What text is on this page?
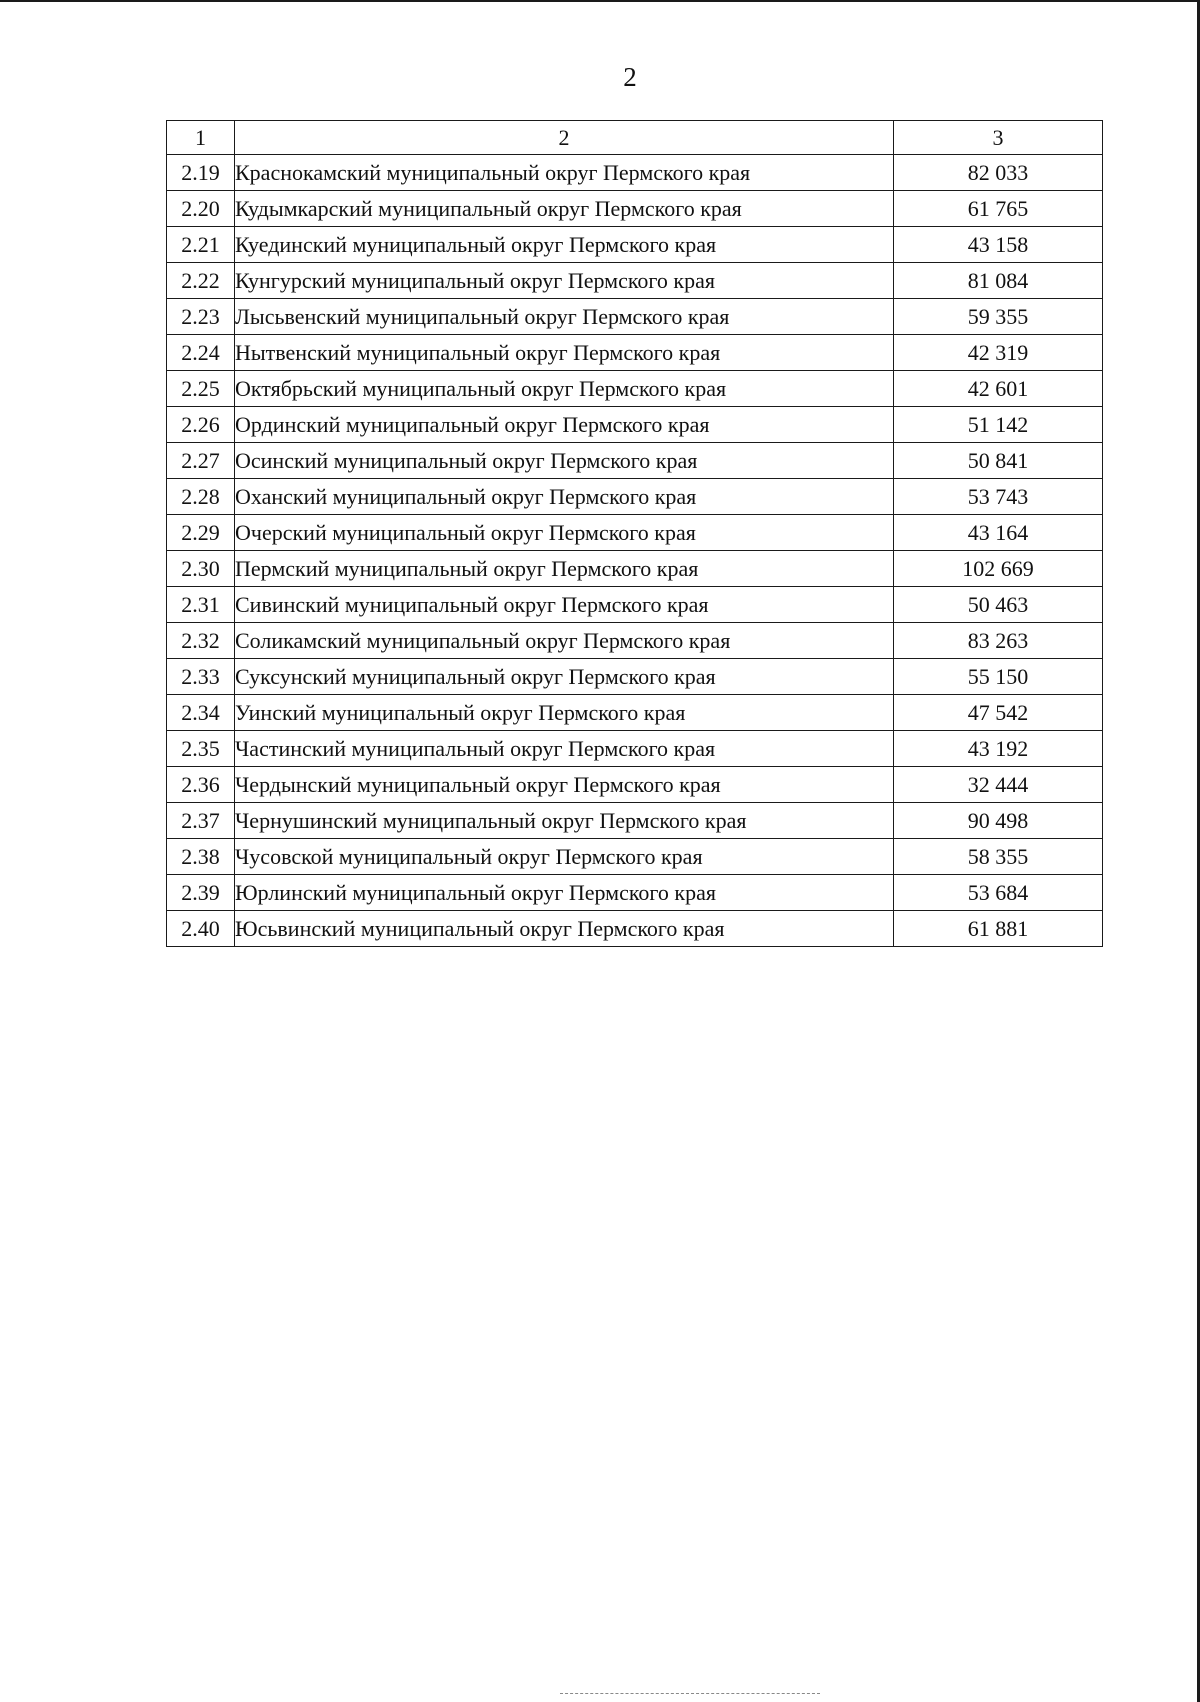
2
1	2	3
2.19	Краснокамский муниципальный округ Пермского края	82 033
2.20	Кудымкарский муниципальный округ Пермского края	61 765
2.21	Куединский муниципальный округ Пермского края	43 158
2.22	Кунгурский муниципальный округ Пермского края	81 084
2.23	Лысьвенский муниципальный округ Пермского края	59 355
2.24	Нытвенский муниципальный округ Пермского края	42 319
2.25	Октябрьский муниципальный округ Пермского края	42 601
2.26	Ординский муниципальный округ Пермского края	51 142
2.27	Осинский муниципальный округ Пермского края	50 841
2.28	Оханский муниципальный округ Пермского края	53 743
2.29	Очерский муниципальный округ Пермского края	43 164
2.30	Пермский муниципальный округ Пермского края	102 669
2.31	Сивинский муниципальный округ Пермского края	50 463
2.32	Соликамский муниципальный округ Пермского края	83 263
2.33	Суксунский муниципальный округ Пермского края	55 150
2.34	Уинский муниципальный округ Пермского края	47 542
2.35	Частинский муниципальный округ Пермского края	43 192
2.36	Чердынский муниципальный округ Пермского края	32 444
2.37	Чернушинский муниципальный округ Пермского края	90 498
2.38	Чусовской муниципальный округ Пермского края	58 355
2.39	Юрлинский муниципальный округ Пермского края	53 684
2.40	Юсьвинский муниципальный округ Пермского края	61 881
